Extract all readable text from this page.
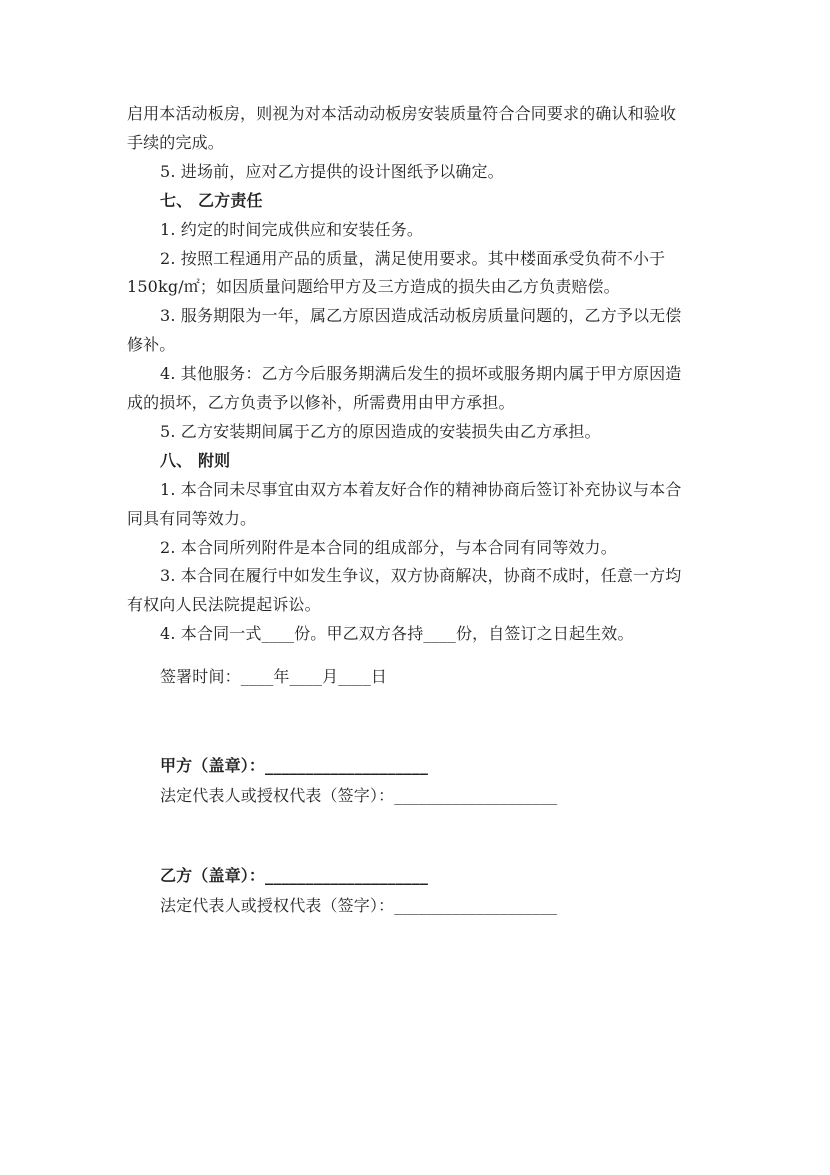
启用本活动板房，则视为对本活动动板房安装质量符合合同要求的确认和验收
手续的完成。
5. 进场前，应对乙方提供的设计图纸予以确定。
七、 乙方责任
1. 约定的时间完成供应和安装任务。
2. 按照工程通用产品的质量，满足使用要求。其中楼面承受负荷不小于
150kg/㎡；如因质量问题给甲方及三方造成的损失由乙方负责赔偿。
3. 服务期限为一年，属乙方原因造成活动板房质量问题的，乙方予以无偿
修补。
4. 其他服务：乙方今后服务期满后发生的损坏或服务期内属于甲方原因造
成的损坏，乙方负责予以修补，所需费用由甲方承担。
5. 乙方安装期间属于乙方的原因造成的安装损失由乙方承担。
八、 附则
1. 本合同未尽事宜由双方本着友好合作的精神协商后签订补充协议与本合
同具有同等效力。
2. 本合同所列附件是本合同的组成部分，与本合同有同等效力。
3. 本合同在履行中如发生争议，双方协商解决，协商不成时，任意一方均
有权向人民法院提起诉讼。
4. 本合同一式____份。甲乙双方各持____份，自签订之日起生效。
签署时间：____年____月____日
甲方（盖章）：____________________
法定代表人或授权代表（签字）：____________________
乙方（盖章）：____________________
法定代表人或授权代表（签字）：____________________
